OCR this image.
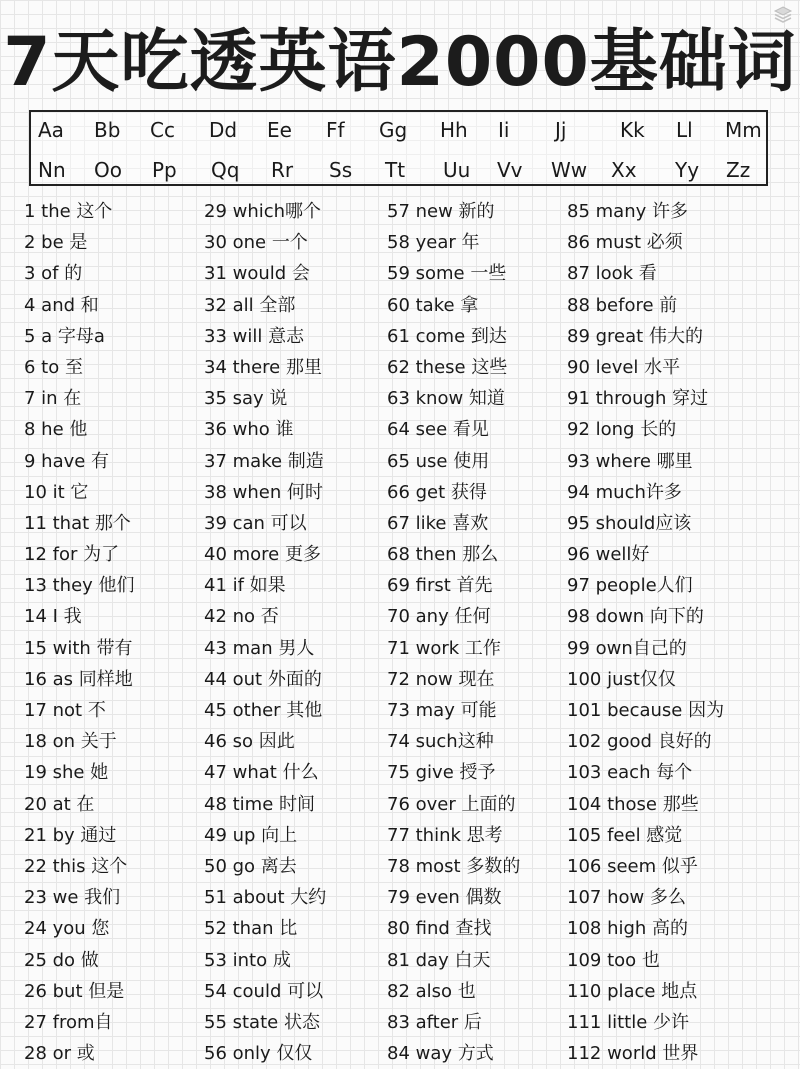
7天吃透英语2000基础词
Aa Bb Cc Dd Ee Ff Gg Hh Ii Jj	Kk Ll Mm
Nn Oo Pp Qq Rr Ss Tt Uu Vv Ww Xx Yy Zz
1 the 这个
2 be 是
3 of 的
4 and 和
5 a 字母a
6 to 至
7 in 在
8 he 他
9 have 有
10 it 它
11 that 那个
12 for 为了
13 they 他们
14 I 我
15 with 带有
16 as 同样地
17 not 不
18 on 关于
19 she 她
20 at 在
21 by 通过
22 this 这个
23 we 我们
24 you 您
25 do 做
26 but 但是
27 from自
28 or 或
29 which哪个
30 one 一个
31 would 会
32 all 全部
33 will 意志
34 there 那里
35 say 说
36 who 谁
37 make 制造
38 when 何时
39 can 可以
40 more 更多
41 if 如果
42 no 否
43 man 男人
44 out 外面的
45 other 其他
46 so 因此
47 what 什么
48 time 时间
49 up 向上
50 go 离去
51 about 大约
52 than 比
53 into 成
54 could 可以
55 state 状态
56 only 仅仅
57 new 新的
58 year 年
59 some 一些
60 take 拿
61 come 到达
62 these 这些
63 know 知道
64 see 看见
65 use 使用
66 get 获得
67 like 喜欢
68 then 那么
69 first 首先
70 any 任何
71 work 工作
72 now 现在
73 may 可能
74 such这种
75 give 授予
76 over 上面的
77 think 思考
78 most 多数的
79 even 偶数
80 find 查找
81 day 白天
82 also 也
83 after 后
84 way 方式
85 many 许多
86 must 必须
87 look 看
88 before 前
89 great 伟大的
90 level 水平
91 through 穿过
92 long 长的
93 where 哪里
94 much许多
95 should应该
96 well好
97 people人们
98 down 向下的
99 own自己的
100 just仅仅
101 because 因为
102 good 良好的
103 each 每个
104 those 那些
105 feel 感觉
106 seem 似乎
107 how 多么
108 high 高的
109 too 也
110 place 地点
111 little 少许
112 world 世界
